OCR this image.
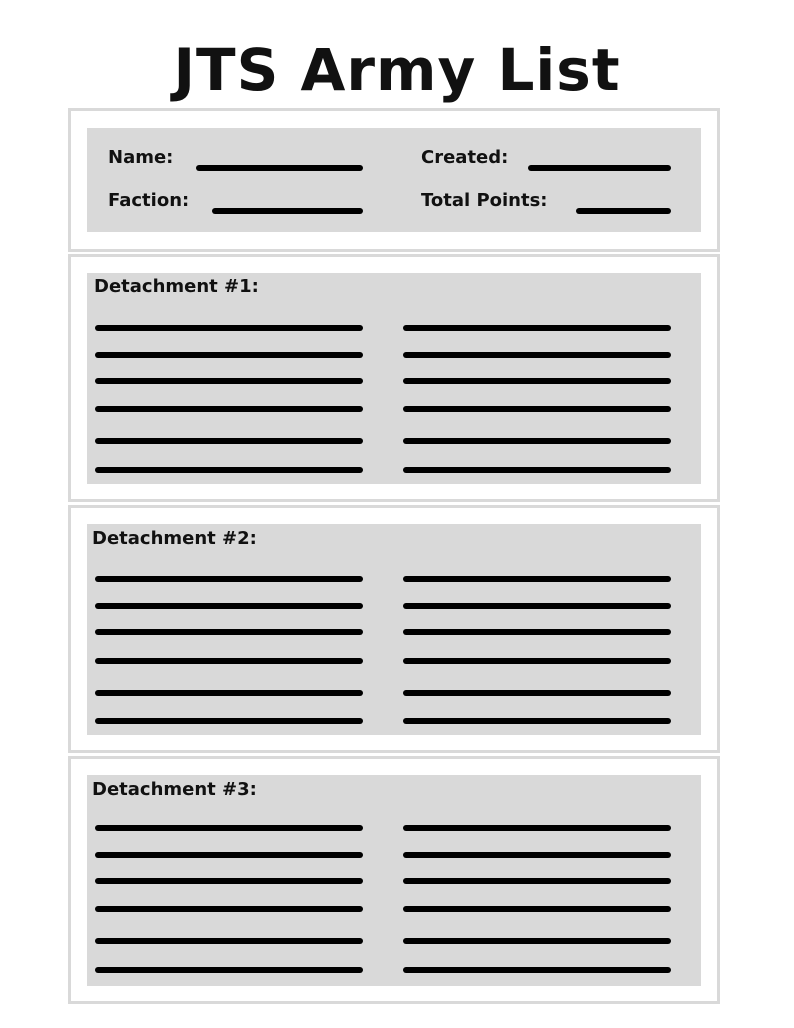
JTS Army List
Name:	Created:
Faction:	Total Points:
Detachment #1:
Detachment #2:
Detachment #3:
